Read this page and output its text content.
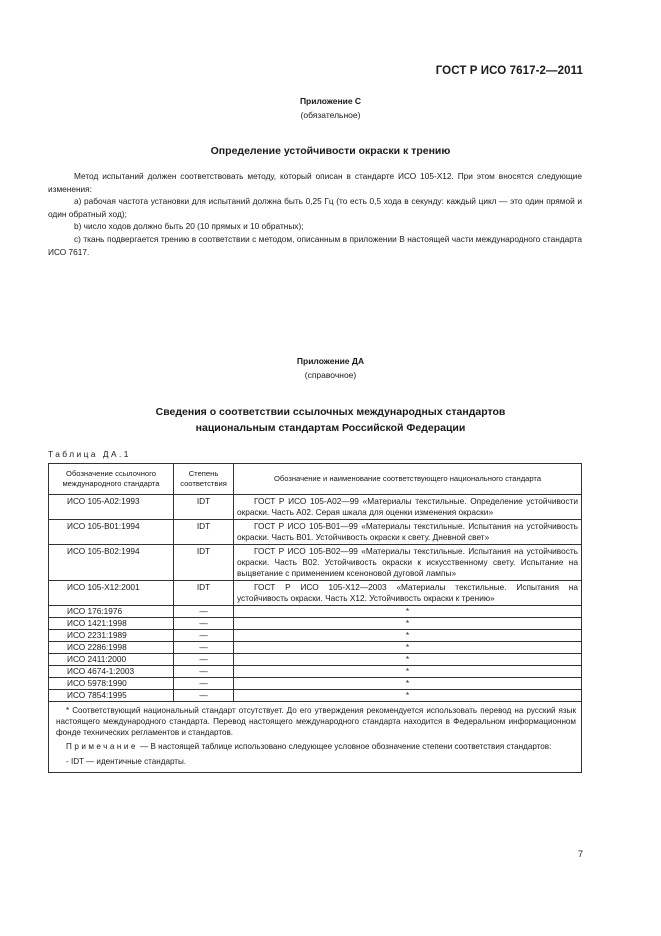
ГОСТ Р ИСО 7617-2—2011
Приложение С
(обязательное)
Определение устойчивости окраски к трению

Метод испытаний должен соответствовать методу, который описан в стандарте ИСО 105-Х12. При этом вносятся следующие изменения:

а) рабочая частота установки для испытаний должна быть 0,25 Гц (то есть 0,5 хода в секунду: каждый цикл — это один прямой и один обратный ход);

b) число ходов должно быть 20 (10 прямых и 10 обратных);

с) ткань подвергается трению в соответствии с методом, описанным в приложении В настоящей части международного стандарта ИСО 7617.

Приложение ДА
(справочное)
Сведения о соответствии ссылочных международных стандартов
национальным стандартам Российской Федерации
Таблица ДА.1
Обозначение ссылочного международного стандарта	Степень соответствия	Обозначение и наименование соответствующего национального стандарта
ИСО 105-А02:1993	IDT	ГОСТ Р ИСО 105-А02—99 «Материалы текстильные. Определение устойчивости окраски. Часть А02. Серая шкала для оценки изменения окраски»
ИСО 105-В01:1994	IDT	ГОСТ Р ИСО 105-В01—99 «Материалы текстильные. Испытания на устойчивость окраски. Часть В01. Устойчивость окраски к свету. Дневной свет»
ИСО 105-В02:1994	IDT	ГОСТ Р ИСО 105-В02—99 «Материалы текстильные. Испытания на устойчивость окраски. Часть В02. Устойчивость окраски к искусственному свету. Испытание на выцветание с применением ксеноновой дуговой лампы»
ИСО 105-Х12:2001	IDT	ГОСТ Р ИСО 105-Х12—2003 «Материалы текстильные. Испытания на устойчивость окраски. Часть Х12. Устойчивость окраски к трению»
ИСО 176:1976	—	*
ИСО 1421:1998	—	*
ИСО 2231:1989	—	*
ИСО 2286:1998	—	*
ИСО 2411:2000	—	*
ИСО 4674-1:2003	—	*
ИСО 5978:1990	—	*
ИСО 7854:1995	—	*

* Соответствующий национальный стандарт отсутствует. До его утверждения рекомендуется использовать перевод на русский язык настоящего международного стандарта. Перевод настоящего международного стандарта находится в Федеральном информационном фонде технических регламентов и стандартов.

Примечание — В настоящей таблице использовано следующее условное обозначение степени соответствия стандартов:

- IDT — идентичные стандарты.		

7
